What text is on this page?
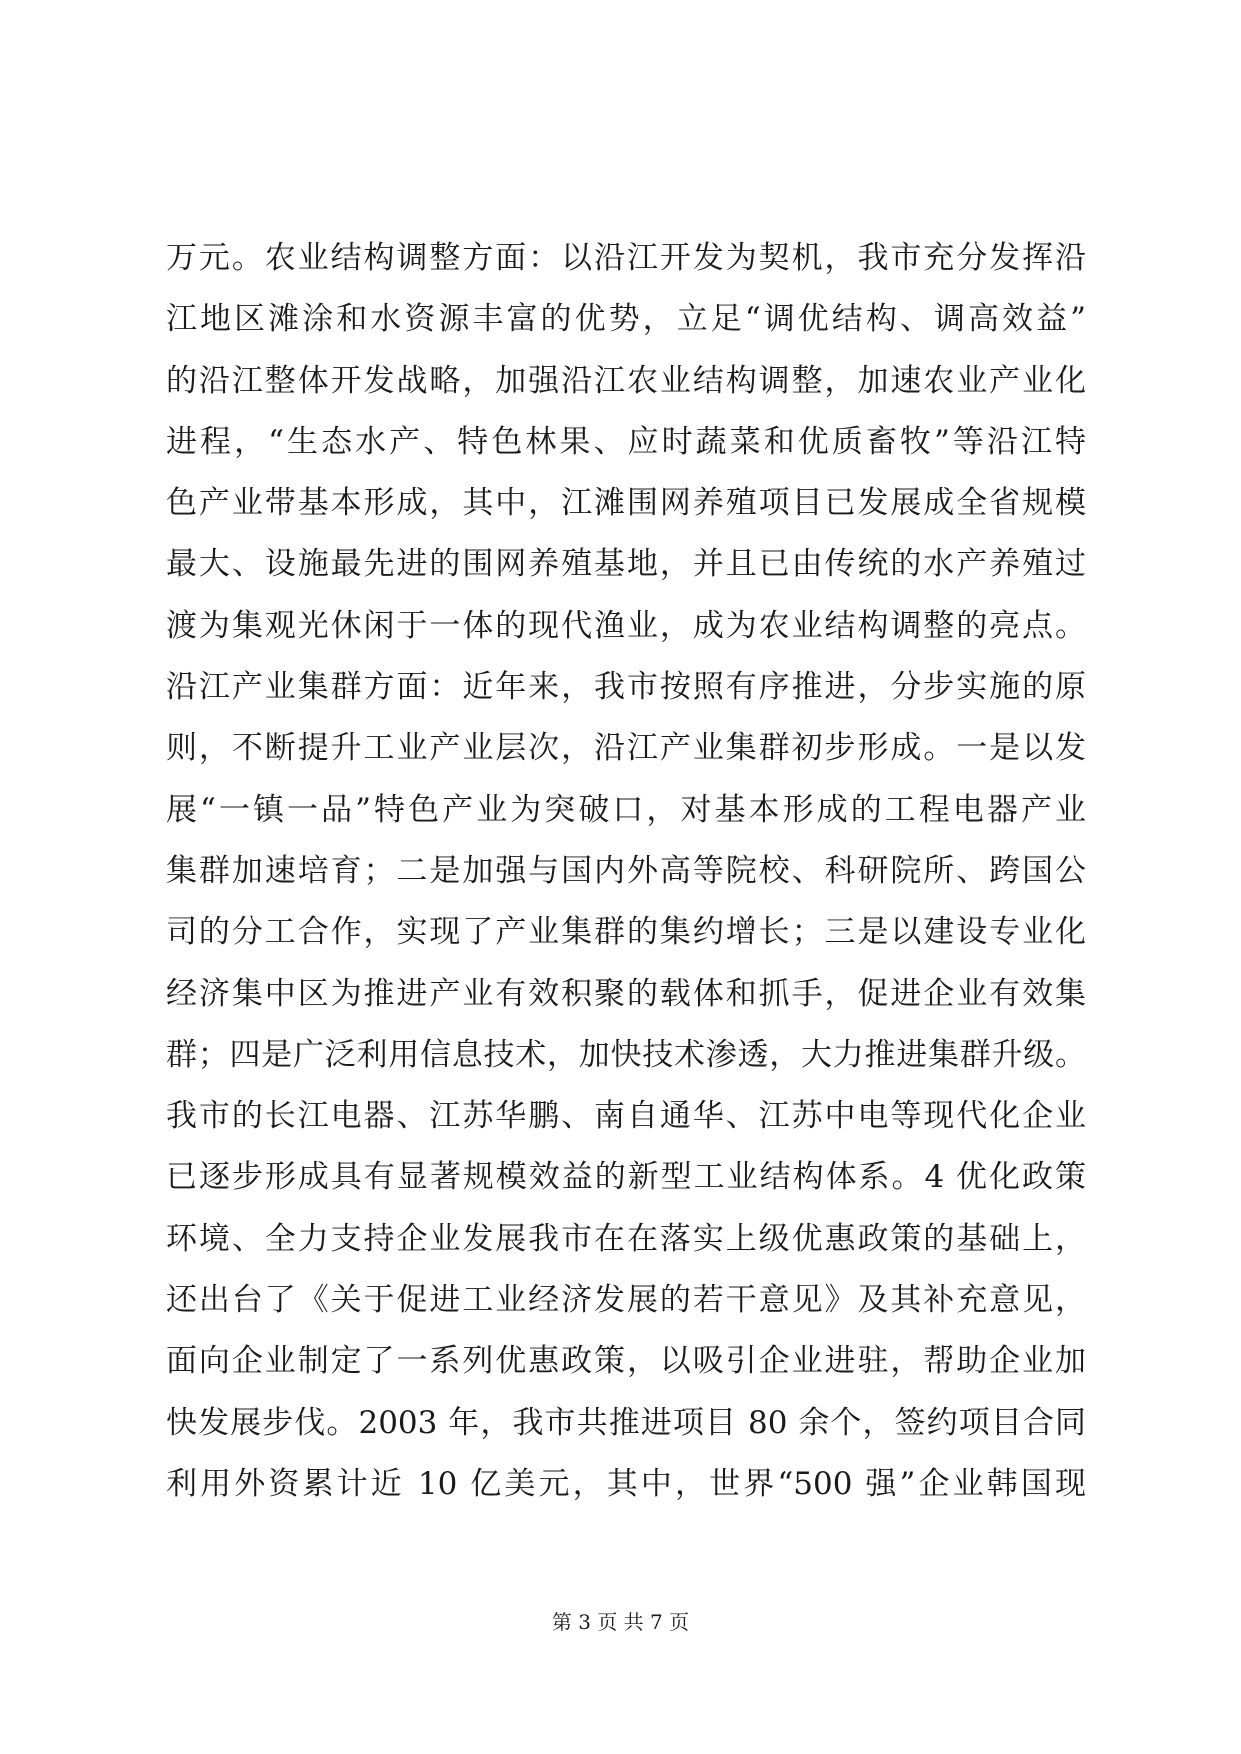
万元。农业结构调整方面：以沿江开发为契机，我市充分发挥沿
江地区滩涂和水资源丰富的优势，立足“调优结构、调高效益”
的沿江整体开发战略，加强沿江农业结构调整，加速农业产业化
进程，“生态水产、特色林果、应时蔬菜和优质畜牧”等沿江特
色产业带基本形成，其中，江滩围网养殖项目已发展成全省规模
最大、设施最先进的围网养殖基地，并且已由传统的水产养殖过
渡为集观光休闲于一体的现代渔业，成为农业结构调整的亮点。
沿江产业集群方面：近年来，我市按照有序推进，分步实施的原
则，不断提升工业产业层次，沿江产业集群初步形成。一是以发
展“一镇一品”特色产业为突破口，对基本形成的工程电器产业
集群加速培育；二是加强与国内外高等院校、科研院所、跨国公
司的分工合作，实现了产业集群的集约增长；三是以建设专业化
经济集中区为推进产业有效积聚的载体和抓手，促进企业有效集
群；四是广泛利用信息技术，加快技术渗透，大力推进集群升级。
我市的长江电器、江苏华鹏、南自通华、江苏中电等现代化企业
已逐步形成具有显著规模效益的新型工业结构体系。4 优化政策
环境、全力支持企业发展我市在在落实上级优惠政策的基础上，
还出台了《关于促进工业经济发展的若干意见》及其补充意见，
面向企业制定了一系列优惠政策，以吸引企业进驻，帮助企业加
快发展步伐。2003 年，我市共推进项目 80 余个，签约项目合同
利用外资累计近 10 亿美元，其中，世界“500 强”企业韩国现
第 3 页 共 7 页
